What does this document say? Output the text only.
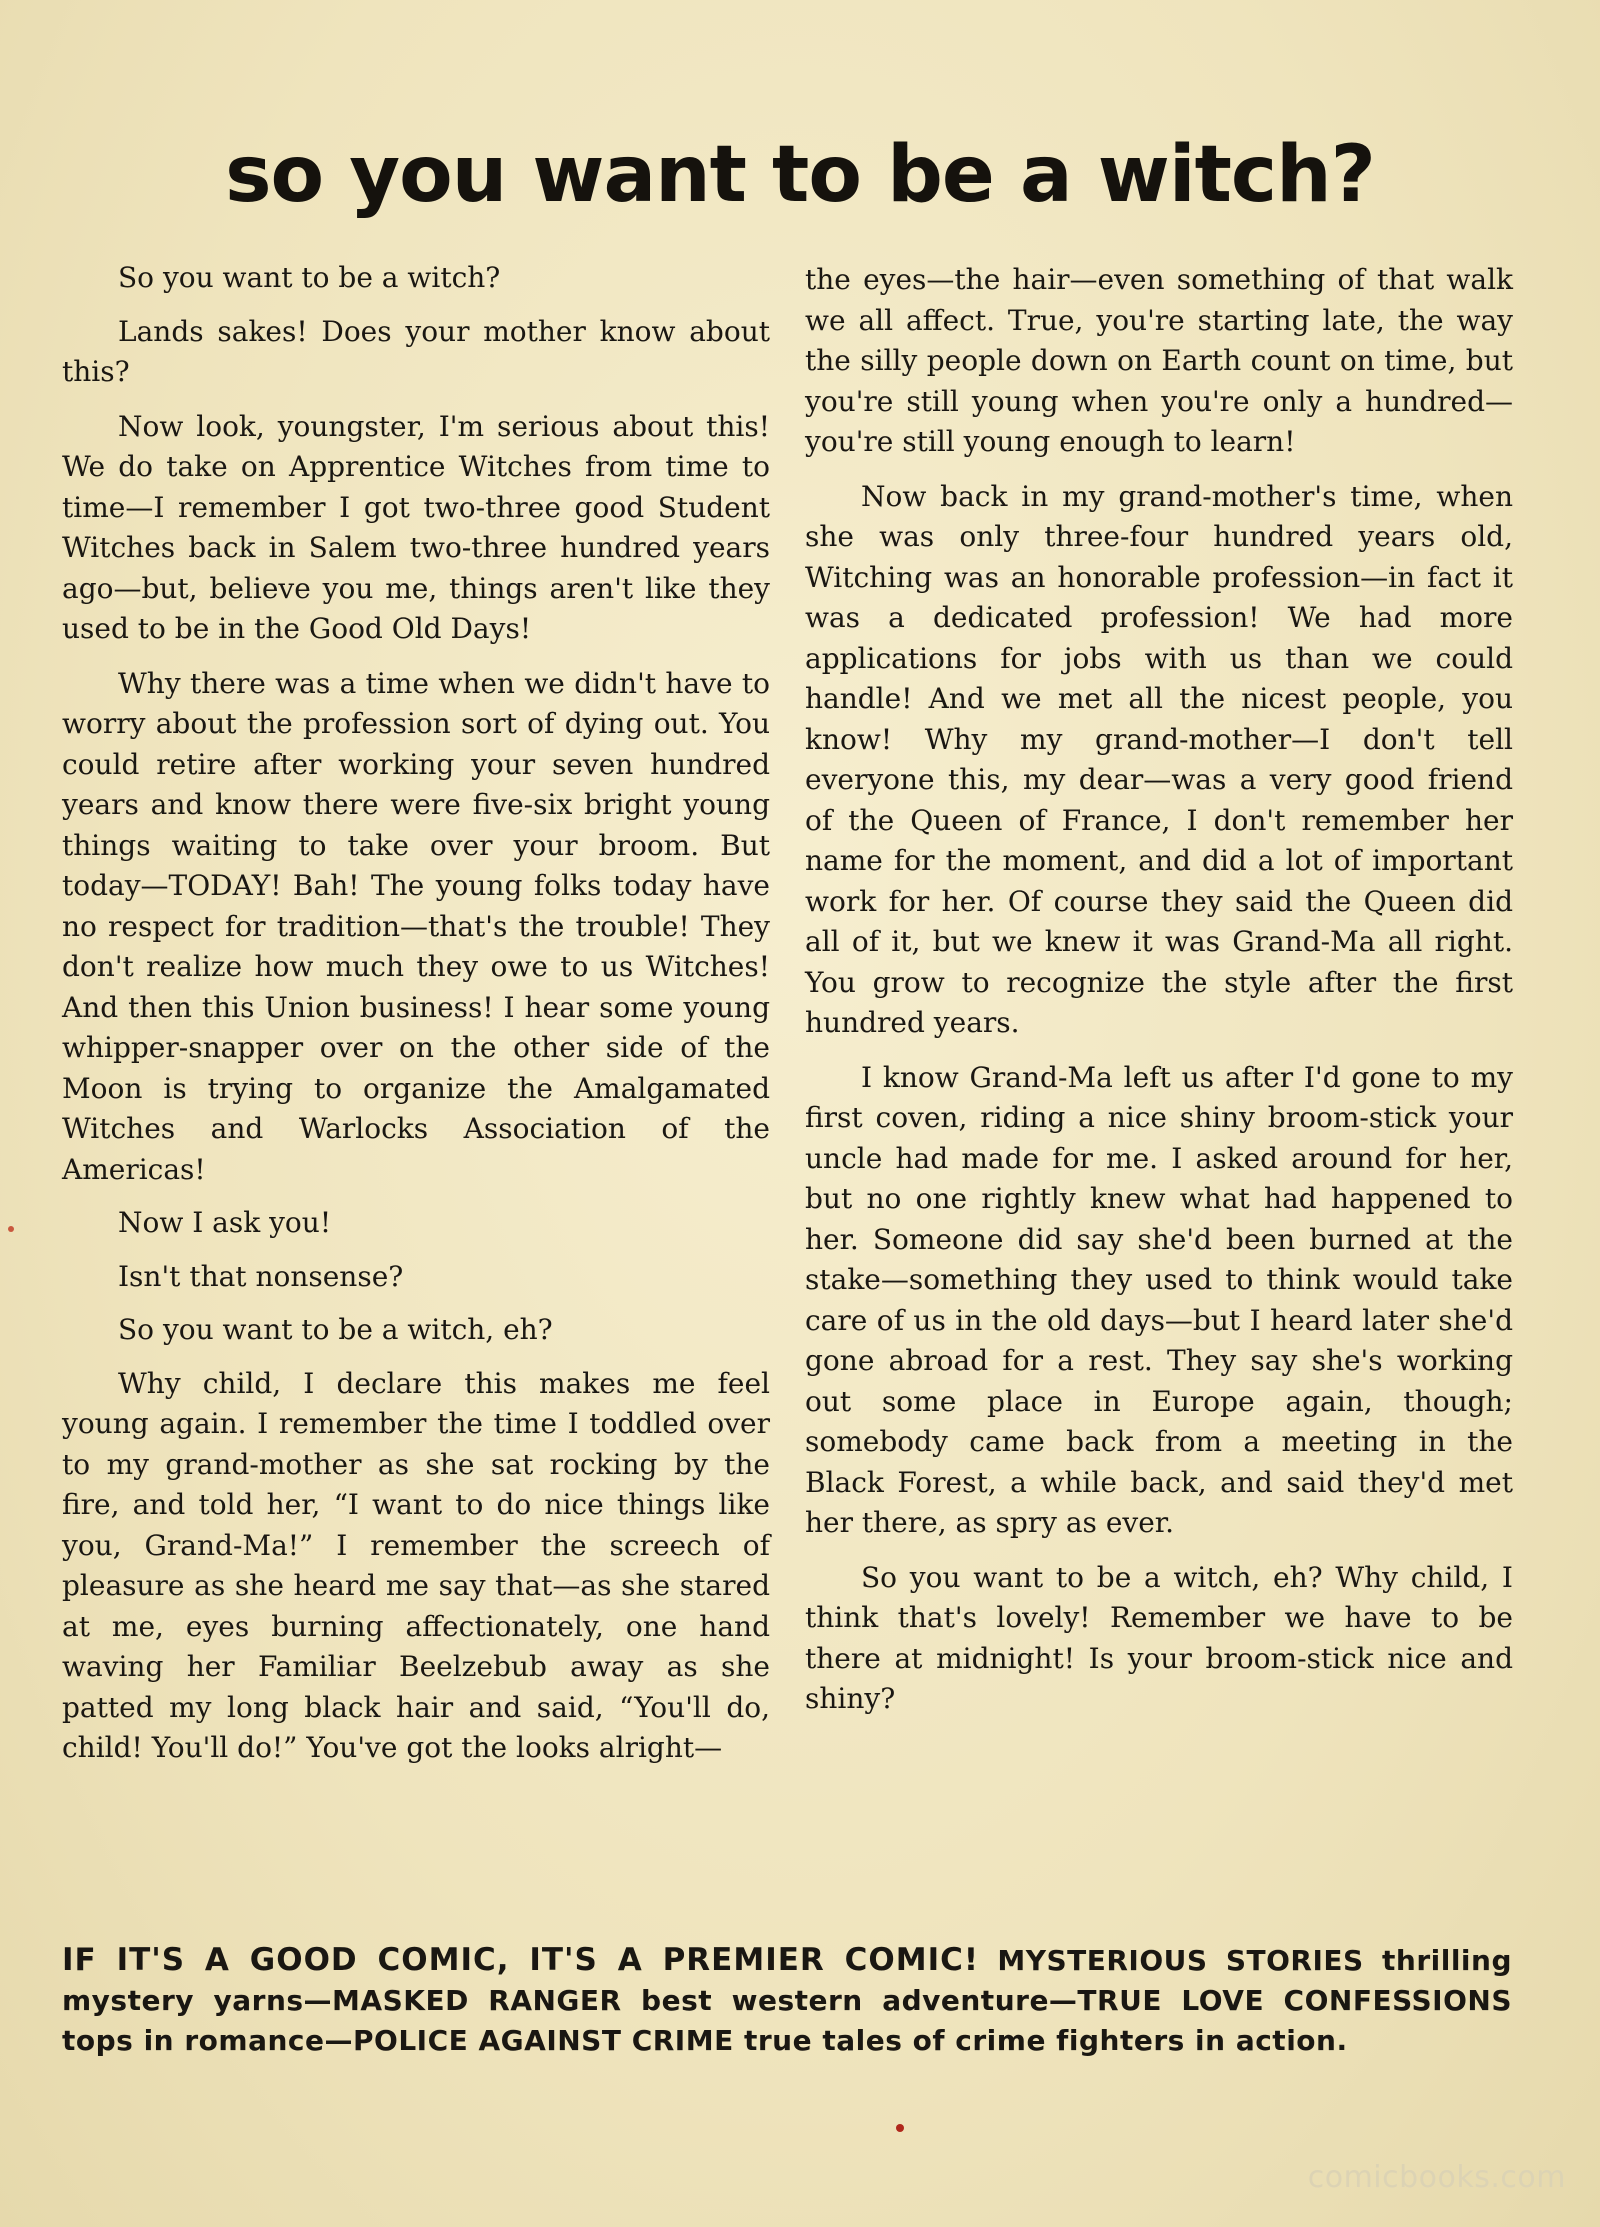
so you want to be a witch?

So you want to be a witch?

Lands sakes! Does your mother know about this?

Now look, youngster, I'm serious about this! We do take on Apprentice Witches from time to time—I remember I got two-three good Student Witches back in Salem two-three hundred years ago—but, believe you me, things aren't like they used to be in the Good Old Days!

Why there was a time when we didn't have to worry about the profession sort of dying out. You could retire after working your seven hundred years and know there were five-six bright young things waiting to take over your broom. But today—TODAY! Bah! The young folks today have no respect for tradition—that's the trouble! They don't realize how much they owe to us Witches! And then this Union business! I hear some young whipper-snapper over on the other side of the Moon is trying to organize the Amalgamated Witches and Warlocks Association of the Americas!

Now I ask you!

Isn't that nonsense?

So you want to be a witch, eh?

Why child, I declare this makes me feel young again. I remember the time I toddled over to my grand-mother as she sat rocking by the fire, and told her, “I want to do nice things like you, Grand-Ma!” I remember the screech of pleasure as she heard me say that—as she stared at me, eyes burning affectionately, one hand waving her Familiar Beelzebub away as she patted my long black hair and said, “You'll do, child! You'll do!” You've got the looks alright—

the eyes—the hair—even something of that walk we all affect. True, you're starting late, the way the silly people down on Earth count on time, but you're still young when you're only a hundred—you're still young enough to learn!

Now back in my grand-mother's time, when she was only three-four hundred years old, Witching was an honorable profession—in fact it was a dedicated profession! We had more applications for jobs with us than we could handle! And we met all the nicest people, you know! Why my grand-mother—I don't tell everyone this, my dear—was a very good friend of the Queen of France, I don't remember her name for the moment, and did a lot of important work for her. Of course they said the Queen did all of it, but we knew it was Grand-Ma all right. You grow to recognize the style after the first hundred years.

I know Grand-Ma left us after I'd gone to my first coven, riding a nice shiny broom-stick your uncle had made for me. I asked around for her, but no one rightly knew what had happened to her. Someone did say she'd been burned at the stake—something they used to think would take care of us in the old days—but I heard later she'd gone abroad for a rest. They say she's working out some place in Europe again, though; somebody came back from a meeting in the Black Forest, a while back, and said they'd met her there, as spry as ever.

So you want to be a witch, eh? Why child, I think that's lovely! Remember we have to be there at midnight! Is your broom-stick nice and shiny?

IF IT'S A GOOD COMIC, IT'S A PREMIER COMIC! MYSTERIOUS STORIES thrilling mystery yarns—MASKED RANGER best western adventure—TRUE LOVE CONFESSIONS tops in romance—POLICE AGAINST CRIME true tales of crime fighters in action.

comicbooks.com
